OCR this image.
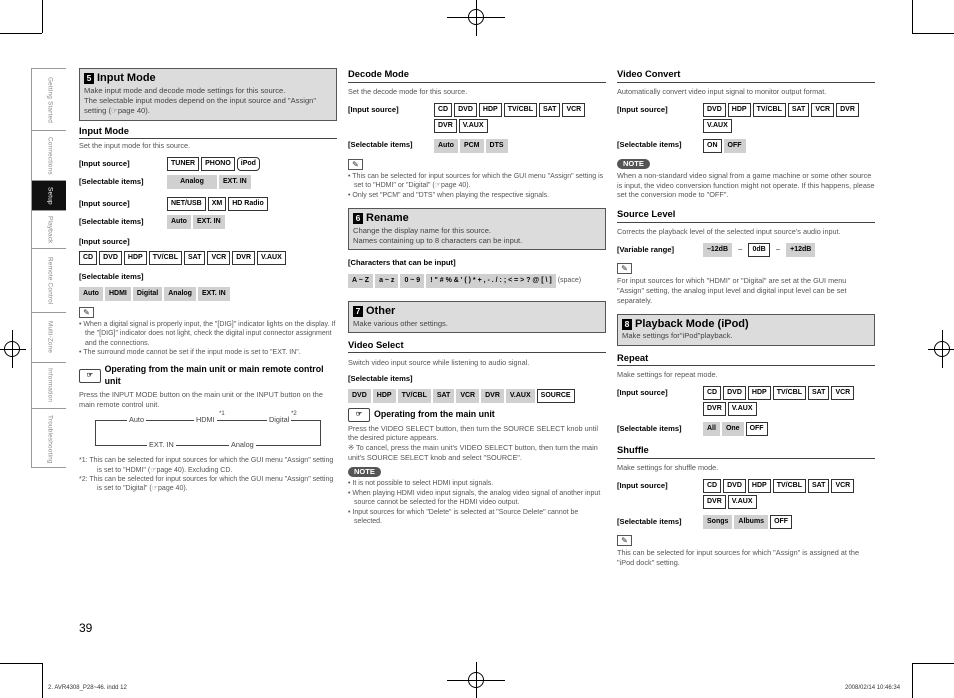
Getting Started
Connections
Setup
Playback
Remote Control
Multi-Zone
Information
Troubleshooting
5 Input Mode
Make input mode and decode mode settings for this source.
The selectable input modes depend on the input source and "Assign" setting (☞page 40).
Input Mode
Set the input mode for this source.
[Input source]	TUNER	PHONO	iPod
[Selectable items]	Analog	EXT. IN
[Input source]	NET/USB	XM	HD Radio
[Selectable items]	Auto	EXT. IN
[Input source]
CD	DVD	HDP	TV/CBL	SAT	VCR	DVR	V.AUX
[Selectable items]
Auto	HDMI	Digital	Analog	EXT. IN
✎
• When a digital signal is properly input, the "[DIG]" indicator lights on the display. If the "[DIG]" indicator does not light, check the digital input connector assignment and the connections.
• The surround mode cannot be set if the input mode is set to "EXT. IN".
☞
Operating from the main unit or main remote control unit
Press the INPUT MODE button on the main unit or the INPUT button on the main remote control unit.
Auto	HDMI
*1
Digital
*2
EXT. IN	Analog
*1: This can be selected for input sources for which the GUI menu "Assign" setting is set to "HDMI" (☞page 40). Excluding CD.
*2: This can be selected for input sources for which the GUI menu "Assign" setting is set to "Digital" (☞page 40).
Decode Mode
Set the decode mode for this source.
[Input source]	CD	DVD	HDP	TV/CBL	SAT	VCR
DVR	V.AUX
[Selectable items]	Auto	PCM	DTS
✎
• This can be selected for input sources for which the GUI menu "Assign" setting is set to "HDMI" or "Digital" (☞page 40).
• Only set "PCM" and "DTS" when playing the respective signals.
6 Rename
Change the display name for this source.
Names containing up to 8 characters can be input.
[Characters that can be input]
A ~ Z	a ~ z	0 ~ 9	! " # % & ' ( ) * + , - . / : ; < = > ? @ [ \ ] (space)
7 Other
Make various other settings.
Video Select
Switch video input source while listening to audio signal.
[Selectable items]
DVD	HDP	TV/CBL	SAT	VCR	DVR	V.AUX	SOURCE
☞	Operating from the main unit
Press the VIDEO SELECT button, then turn the SOURCE SELECT knob until the desired picture appears.
※ To cancel, press the main unit's VIDEO SELECT button, then turn the main unit's SOURCE SELECT knob and select "SOURCE".
NOTE
• It is not possible to select HDMI input signals.
• When playing HDMI video input signals, the analog video signal of another input source cannot be selected for the HDMI video output.
• Input sources for which "Delete" is selected at "Source Delete" cannot be selected.
Video Convert
Automatically convert video input signal to monitor output format.
[Input source]	DVD	HDP	TV/CBL	SAT	VCR	DVR
V.AUX
[Selectable items]	ON	OFF
NOTE
When a non-standard video signal from a game machine or some other source is input, the video conversion function might not operate. If this happens, please set the conversion mode to "OFF".
Source Level
Corrects the playback level of the selected input source's audio input.
[Variable range]	–12dB	~	0dB	~	+12dB
✎
For input sources for which "HDMI" or "Digital" are set at the GUI menu "Assign" setting, the analog input level and digital input level can be set separately.
8 Playback Mode (iPod)
Make settings for"iPod"playback.
Repeat
Make settings for repeat mode.
[Input source]	CD	DVD	HDP	TV/CBL	SAT	VCR
DVR	V.AUX
[Selectable items]	All	One	OFF
Shuffle
Make settings for shuffle mode.
[Input source]	CD	DVD	HDP	TV/CBL	SAT	VCR
DVR	V.AUX
[Selectable items]	Songs	Albums	OFF
✎
This can be selected for input sources for which "Assign" is assigned at the "iPod dock" setting.
39
2. AVR4308_P28~46. indd 12	2008/02/14 10:46:34
